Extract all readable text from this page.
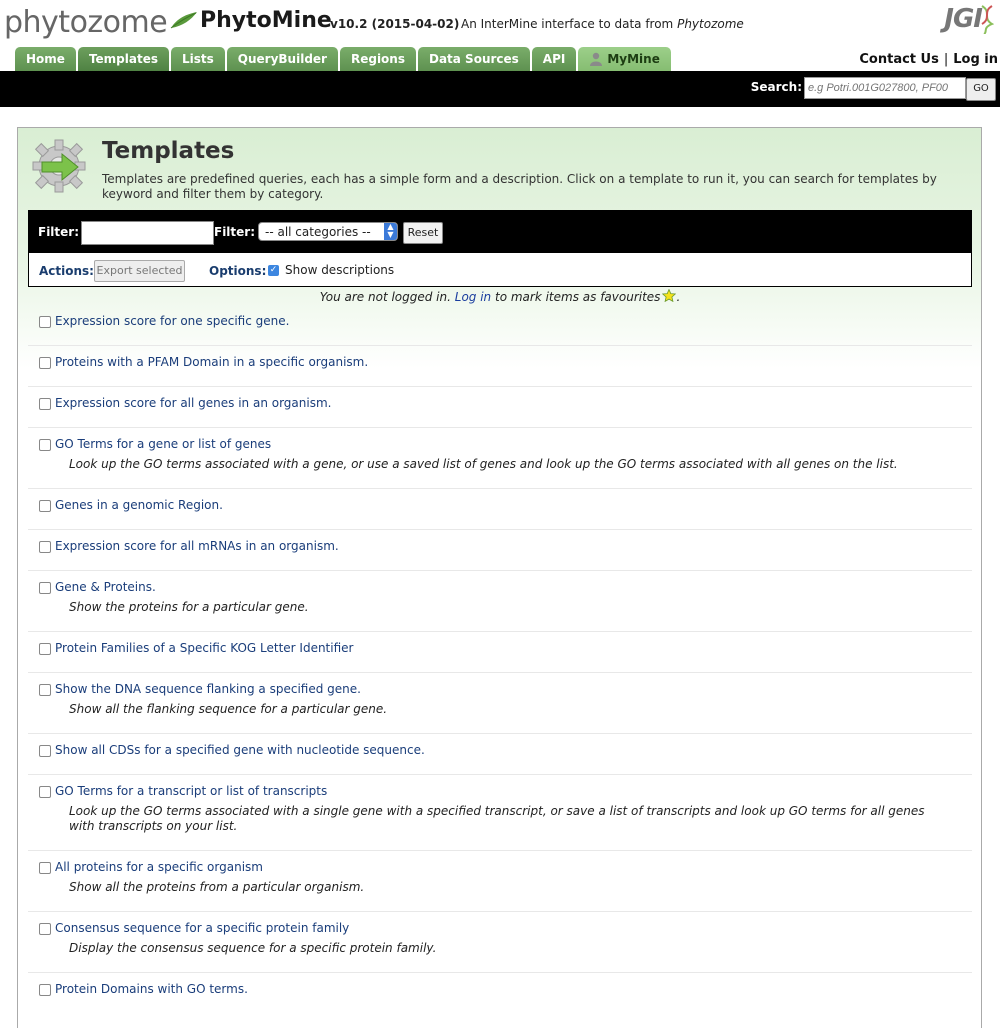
phytozome PhytoMine
v10.2 (2015-04-02) An InterMine interface to data from Phytozome	JGI
Home	Templates	Lists	QueryBuilder	Regions	Data Sources	API	MyMine	Contact Us | Log in
Search:
e.g Potri.001G027800, PF00	GO
Templates
Templates are predefined queries, each has a simple form and a description. Click on a template to run it, you can search for templates by keyword and filter them by category.
Filter:	Filter: -- all categories --	▲
▼	Reset
Actions: Export selected Options: ✓ Show descriptions
You are not logged in. Log in to mark items as favourites .
Expression score for one specific gene.
Proteins with a PFAM Domain in a specific organism.
Expression score for all genes in an organism.
GO Terms for a gene or list of genes
Look up the GO terms associated with a gene, or use a saved list of genes and look up the GO terms associated with all genes on the list.
Genes in a genomic Region.
Expression score for all mRNAs in an organism.
Gene & Proteins.
Show the proteins for a particular gene.
Protein Families of a Specific KOG Letter Identifier
Show the DNA sequence flanking a specified gene.
Show all the flanking sequence for a particular gene.
Show all CDSs for a specified gene with nucleotide sequence.
GO Terms for a transcript or list of transcripts
Look up the GO terms associated with a single gene with a specified transcript, or save a list of transcripts and look up GO terms for all genes with transcripts on your list.
All proteins for a specific organism
Show all the proteins from a particular organism.
Consensus sequence for a specific protein family
Display the consensus sequence for a specific protein family.
Protein Domains with GO terms.
